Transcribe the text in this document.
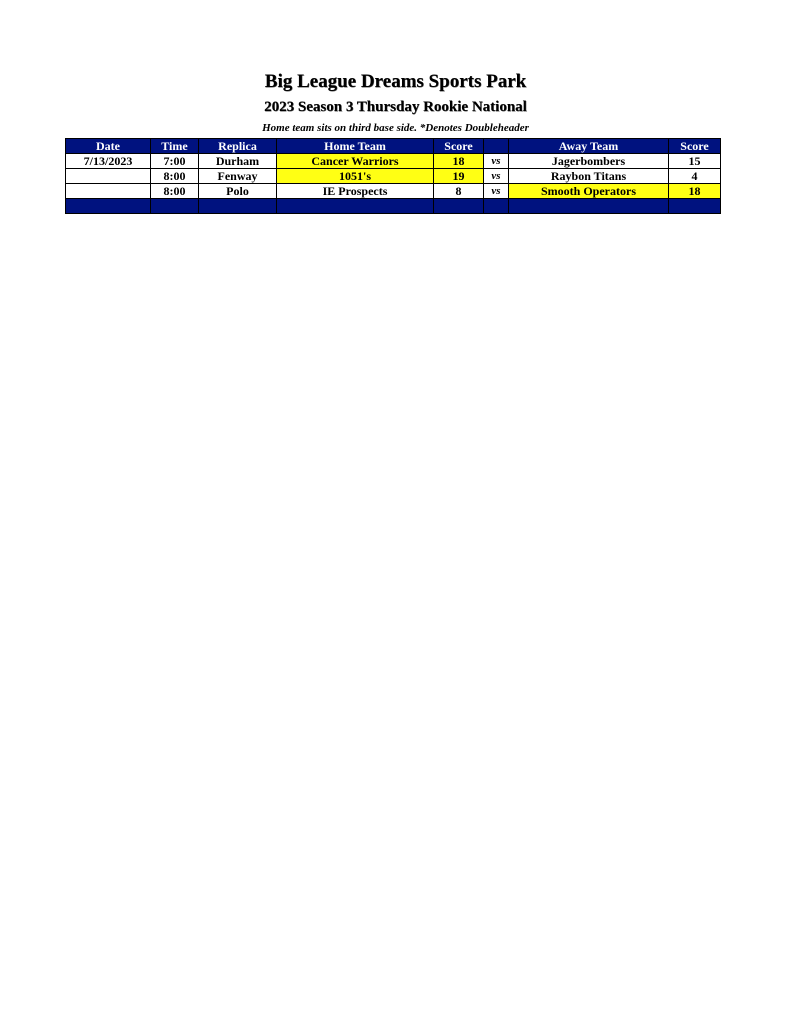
Big League Dreams Sports Park
2023 Season 3 Thursday Rookie National
Home team sits on third base side. *Denotes Doubleheader
Date	Time	Replica	Home Team	Score		Away Team	Score
7/13/2023	7:00	Durham	Cancer Warriors	18	vs	Jagerbombers	15
	8:00	Fenway	1051's	19	vs	Raybon Titans	4
	8:00	Polo	IE Prospects	8	vs	Smooth Operators	18
